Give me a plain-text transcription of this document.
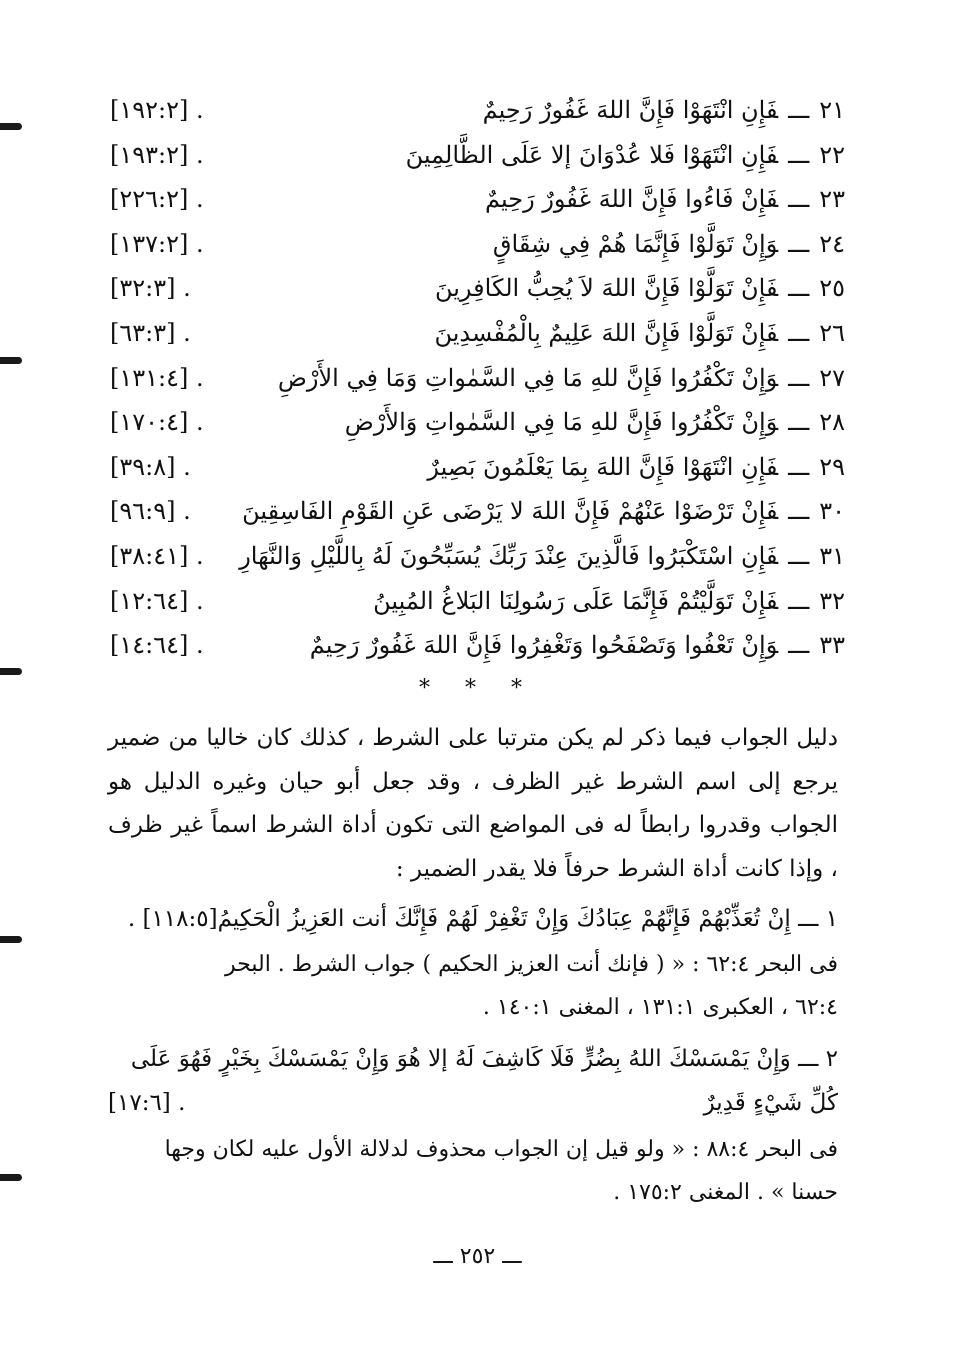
٢١ـــفَإِنِ انْتَهَوْا فَإِنَّ اللهَ غَفُورٌ رَحِيمٌ
[١٩٢:٢] .
٢٢ـــفَإِنِ انْتَهَوْا فَلا عُدْوَانَ إلا عَلَى الظَّالِمِينَ
[١٩٣:٢] .
٢٣ـــفَإِنْ فَاءُوا فَإِنَّ اللهَ غَفُورٌ رَحِيمٌ
[٢٢٦:٢] .
٢٤ـــوَإِنْ تَوَلَّوْا فَإِنَّمَا هُمْ فِي شِقَاقٍ
[١٣٧:٢] .
٢٥ـــفَإِنْ تَوَلَّوْا فَإِنَّ اللهَ لاَ يُحِبُّ الكَافِرِينَ
[٣٢:٣] .
٢٦ـــفَإِنْ تَوَلَّوْا فَإِنَّ اللهَ عَلِيمٌ بِالْمُفْسِدِينَ
[٦٣:٣] .
٢٧ـــوَإِنْ تَكْفُرُوا فَإِنَّ للهِ مَا فِي السَّمٰواتِ وَمَا فِي الأَرْضِ
[١٣١:٤] .
٢٨ـــوَإِنْ تَكْفُرُوا فَإِنَّ للهِ مَا فِي السَّمٰواتِ وَالأَرْضِ
[١٧٠:٤] .
٢٩ـــفَإِنِ انْتَهَوْا فَإِنَّ اللهَ بِمَا يَعْلَمُونَ بَصِيرٌ
[٣٩:٨] .
٣٠ـــفَإِنْ تَرْضَوْا عَنْهُمْ فَإِنَّ اللهَ لا يَرْضَى عَنِ القَوْمِ الفَاسِقِينَ
[٩٦:٩] .
٣١ـــفَإِنِ اسْتَكْبَرُوا فَالَّذِينَ عِنْدَ رَبِّكَ يُسَبِّحُونَ لَهُ بِاللَّيْلِ وَالنَّهَارِ
[٣٨:٤١] .
٣٢ـــفَإِنْ تَوَلَّيْتُمْ فَإِنَّمَا عَلَى رَسُولِنَا البَلاغُ المُبِينُ
[١٢:٦٤] .
٣٣ـــوَإِنْ تَعْفُوا وَتَصْفَحُوا وَتَغْفِرُوا فَإِنَّ اللهَ غَفُورٌ رَحِيمٌ
[١٤:٦٤] .
* * *

دليل الجواب فيما ذكر لم يكن مترتبا على الشرط ، كذلك كان خاليا من ضمير يرجع إلى اسم الشرط غير الظرف ، وقد جعل أبو حيان وغيره الدليل هو الجواب وقدروا رابطاً له فى المواضع التى تكون أداة الشرط اسماً غير ظرف ، وإذا كانت أداة الشرط حرفاً فلا يقدر الضمير :

١ ـــ إِنْ تُعَذِّبْهُمْ فَإِنَّهُمْ عِبَادُكَ وَإِنْ تَغْفِرْ لَهُمْ فَإِنَّكَ أنت العَزِيزُ الْحَكِيمُ[١١٨:٥] .
فى البحر ٦٢:٤ : « ( فإنك أنت العزيز الحكيم ) جواب الشرط . البحر
٦٢:٤ ، العكبرى ١٣١:١ ، المغنى ١٤٠:١ .
٢ ـــ وَإِنْ يَمْسَسْكَ اللهُ بِضُرٍّ فَلَا كَاشِفَ لَهُ إلا هُوَ وَإِنْ يَمْسَسْكَ بِخَيْرٍ فَهُوَ عَلَى
كُلِّ شَيْءٍ قَدِيرٌ
[١٧:٦] .
فى البحر ٨٨:٤ : « ولو قيل إن الجواب محذوف لدلالة الأول عليه لكان وجها
حسنا » . المغنى ١٧٥:٢ .
ـــ ٢٥٢ ـــ
